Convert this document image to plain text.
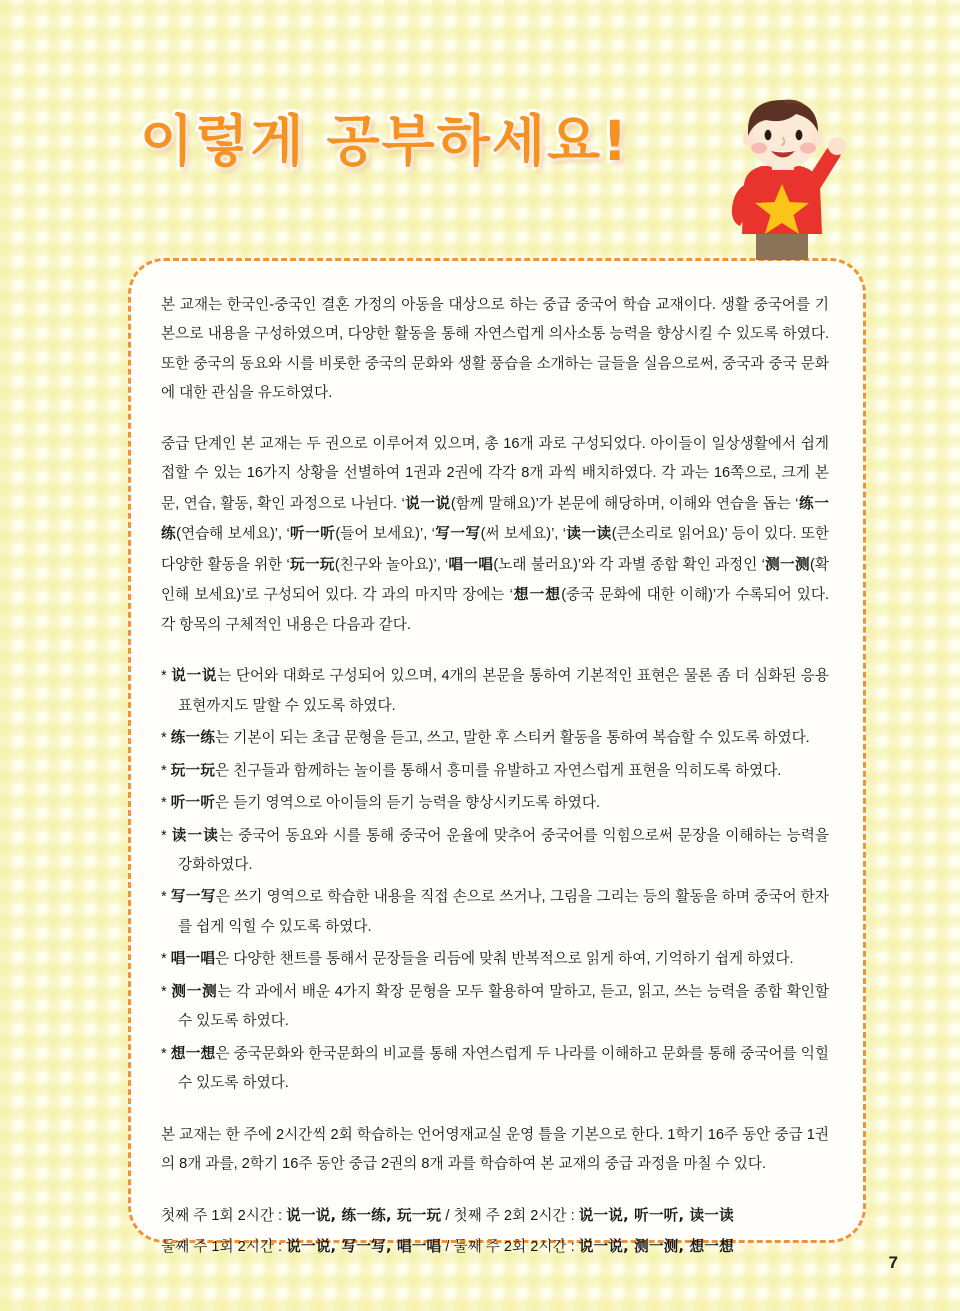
이렇게 공부하세요!

본 교재는 한국인-중국인 결혼 가정의 아동을 대상으로 하는 중급 중국어 학습 교재이다. 생활 중국어를 기본으로 내용을 구성하였으며, 다양한 활동을 통해 자연스럽게 의사소통 능력을 향상시킬 수 있도록 하였다. 또한 중국의 동요와 시를 비롯한 중국의 문화와 생활 풍습을 소개하는 글들을 실음으로써, 중국과 중국 문화에 대한 관심을 유도하였다.

중급 단계인 본 교재는 두 권으로 이루어져 있으며, 총 16개 과로 구성되었다. 아이들이 일상생활에서 쉽게 접할 수 있는 16가지 상황을 선별하여 1권과 2권에 각각 8개 과씩 배치하였다. 각 과는 16쪽으로, 크게 본문, 연습, 활동, 확인 과정으로 나뉜다. ‘说一说(함께 말해요)’가 본문에 해당하며, 이해와 연습을 돕는 ‘练一练(연습해 보세요)’, ‘听一听(들어 보세요)’, ‘写一写(써 보세요)’, ‘读一读(큰소리로 읽어요)’ 등이 있다. 또한 다양한 활동을 위한 ‘玩一玩(친구와 놀아요)’, ‘唱一唱(노래 불러요)’와 각 과별 종합 확인 과정인 ‘测一测(확인해 보세요)’로 구성되어 있다. 각 과의 마지막 장에는 ‘想一想(중국 문화에 대한 이해)’가 수록되어 있다. 각 항목의 구체적인 내용은 다음과 같다.

* 说一说는 단어와 대화로 구성되어 있으며, 4개의 본문을 통하여 기본적인 표현은 물론 좀 더 심화된 응용 표현까지도 말할 수 있도록 하였다.
* 练一练는 기본이 되는 초급 문형을 듣고, 쓰고, 말한 후 스티커 활동을 통하여 복습할 수 있도록 하였다.
* 玩一玩은 친구들과 함께하는 놀이를 통해서 흥미를 유발하고 자연스럽게 표현을 익히도록 하였다.
* 听一听은 듣기 영역으로 아이들의 듣기 능력을 향상시키도록 하였다.
* 读一读는 중국어 동요와 시를 통해 중국어 운율에 맞추어 중국어를 익힘으로써 문장을 이해하는 능력을 강화하였다.
* 写一写은 쓰기 영역으로 학습한 내용을 직접 손으로 쓰거나, 그림을 그리는 등의 활동을 하며 중국어 한자를 쉽게 익힐 수 있도록 하였다.
* 唱一唱은 다양한 챈트를 통해서 문장들을 리듬에 맞춰 반복적으로 읽게 하여, 기억하기 쉽게 하였다.
* 测一测는 각 과에서 배운 4가지 확장 문형을 모두 활용하여 말하고, 듣고, 읽고, 쓰는 능력을 종합 확인할 수 있도록 하였다.
* 想一想은 중국문화와 한국문화의 비교를 통해 자연스럽게 두 나라를 이해하고 문화를 통해 중국어를 익힐 수 있도록 하였다.

본 교재는 한 주에 2시간씩 2회 학습하는 언어영재교실 운영 틀을 기본으로 한다. 1학기 16주 동안 중급 1권의 8개 과를, 2학기 16주 동안 중급 2권의 8개 과를 학습하여 본 교재의 중급 과정을 마칠 수 있다.

첫째 주 1회 2시간 : 说一说, 练一练, 玩一玩 / 첫째 주 2회 2시간 : 说一说, 听一听, 读一读
둘째 주 1회 2시간 : 说一说, 写一写, 唱一唱 / 둘째 주 2회 2시간 : 说一说, 测一测, 想一想
7
